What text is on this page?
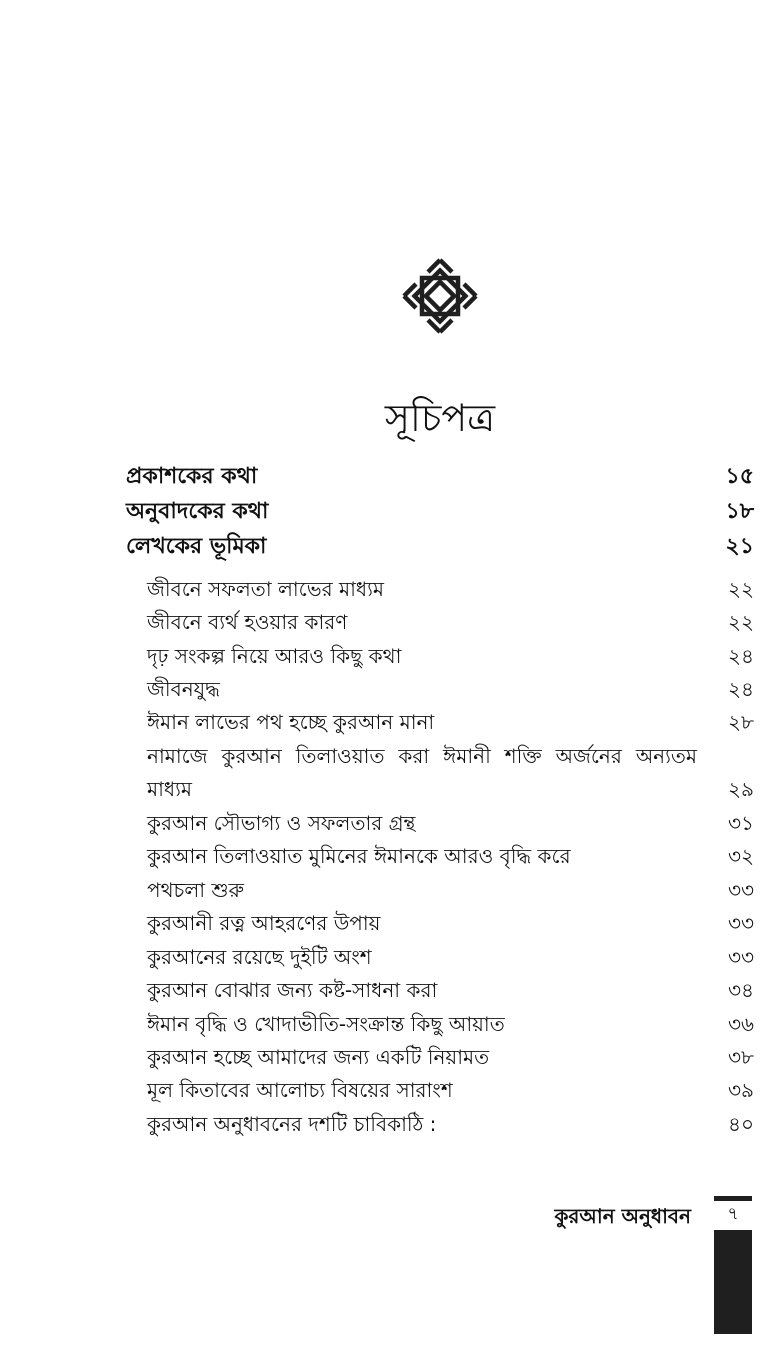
সূচিপত্র
প্রকাশকের কথা	১৫
অনুবাদকের কথা	১৮
লেখকের ভূমিকা	২১
জীবনে সফলতা লাভের মাধ্যম	২২
জীবনে ব্যর্থ হওয়ার কারণ	২২
দৃঢ় সংকল্প নিয়ে আরও কিছু কথা	২৪
জীবনযুদ্ধ	২৪
ঈমান লাভের পথ হচ্ছে কুরআন মানা	২৮
নামাজে কুরআন তিলাওয়াত করা ঈমানী শক্তি অর্জনের অন্যতম
মাধ্যম	২৯
কুরআন সৌভাগ্য ও সফলতার গ্রন্থ	৩১
কুরআন তিলাওয়াত মুমিনের ঈমানকে আরও বৃদ্ধি করে	৩২
পথচলা শুরু	৩৩
কুরআনী রত্ন আহরণের উপায়	৩৩
কুরআনের রয়েছে দুইটি অংশ	৩৩
কুরআন বোঝার জন্য কষ্ট-সাধনা করা	৩৪
ঈমান বৃদ্ধি ও খোদাভীতি-সংক্রান্ত কিছু আয়াত	৩৬
কুরআন হচ্ছে আমাদের জন্য একটি নিয়ামত	৩৮
মূল কিতাবের আলোচ্য বিষয়ের সারাংশ	৩৯
কুরআন অনুধাবনের দশটি চাবিকাঠি :	৪০
কুরআন অনুধাবন	৭
